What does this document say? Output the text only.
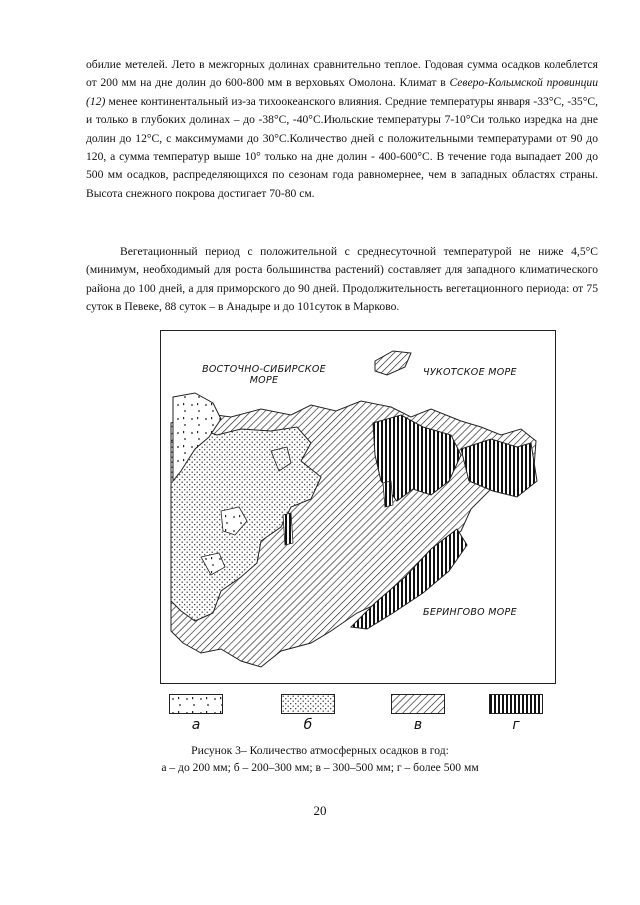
обилие метелей. Лето в межгорных долинах сравнительно теплое. Годовая сумма осадков колеблется от 200 мм на дне долин до 600-800 мм в верховьях Омолона. Климат в Северо-Колымской провинции (12) менее континентальный из-за тихоокеанского влияния. Средние температуры января -33°С, -35°С, и только в глубоких долинах – до -38°С, -40°С.Июльские температуры 7-10°Си только изредка на дне долин до 12°С, с максимумами до 30°С.Количество дней с положительными температурами от 90 до 120, а сумма температур выше 10° только на дне долин - 400-600°С. В течение года выпадает 200 до 500 мм осадков, распределяющихся по сезонам года равномернее, чем в западных областях страны. Высота снежного покрова достигает 70-80 см.

Вегетационный период с положительной с среднесуточной температурой не ниже 4,5°С (минимум, необходимый для роста большинства растений) составляет для западного климатического района до 100 дней, а для приморского до 90 дней. Продолжительность вегетационного периода: от 75 суток в Певеке, 88 суток – в Анадыре и до 101суток в Марково.

ВОСТОЧНО-СИБИРСКОЕ МОРЕ
ЧУКОТСКОЕ МОРЕ
БЕРИНГОВО МОРЕ
а	б	в	г
Рисунок 3– Количество атмосферных осадков в год:
а – до 200 мм; б – 200–300 мм; в – 300–500 мм; г – более 500 мм
20
